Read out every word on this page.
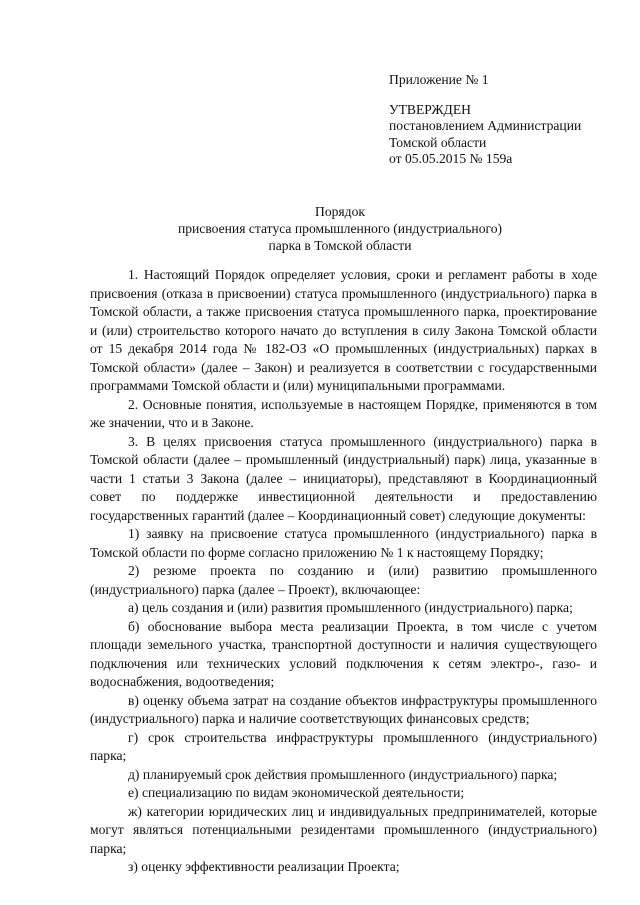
Приложение № 1
УТВЕРЖДЕН
постановлением Администрации
Томской области
от 05.05.2015 № 159а
Порядок
присвоения статуса промышленного (индустриального)
парка в Томской области

1. Настоящий Порядок определяет условия, сроки и регламент работы в ходе присвоения (отказа в присвоении) статуса промышленного (индустриального) парка в Томской области, а также присвоения статуса промышленного парка, проектирование и (или) строительство которого начато до вступления в силу Закона Томской области от 15 декабря 2014 года № 182-ОЗ «О промышленных (индустриальных) парках в Томской области» (далее – Закон) и реализуется в соответствии с государственными программами Томской области и (или) муниципальными программами.

2. Основные понятия, используемые в настоящем Порядке, применяются в том же значении, что и в Законе.

3. В целях присвоения статуса промышленного (индустриального) парка в Томской области (далее – промышленный (индустриальный) парк) лица, указанные в части 1 статьи 3 Закона (далее – инициаторы), представляют в Координационный совет по поддержке инвестиционной деятельности и предоставлению государственных гарантий (далее – Координационный совет) следующие документы:

1) заявку на присвоение статуса промышленного (индустриального) парка в Томской области по форме согласно приложению № 1 к настоящему Порядку;

2) резюме проекта по созданию и (или) развитию промышленного (индустриального) парка (далее – Проект), включающее:

а) цель создания и (или) развития промышленного (индустриального) парка;

б) обоснование выбора места реализации Проекта, в том числе с учетом площади земельного участка, транспортной доступности и наличия существующего подключения или технических условий подключения к сетям электро-, газо- и водоснабжения, водоотведения;

в) оценку объема затрат на создание объектов инфраструктуры промышленного (индустриального) парка и наличие соответствующих финансовых средств;

г) срок строительства инфраструктуры промышленного (индустриального) парка;

д) планируемый срок действия промышленного (индустриального) парка;

е) специализацию по видам экономической деятельности;

ж) категории юридических лиц и индивидуальных предпринимателей, которые могут являться потенциальными резидентами промышленного (индустриального) парка;

з) оценку эффективности реализации Проекта;
